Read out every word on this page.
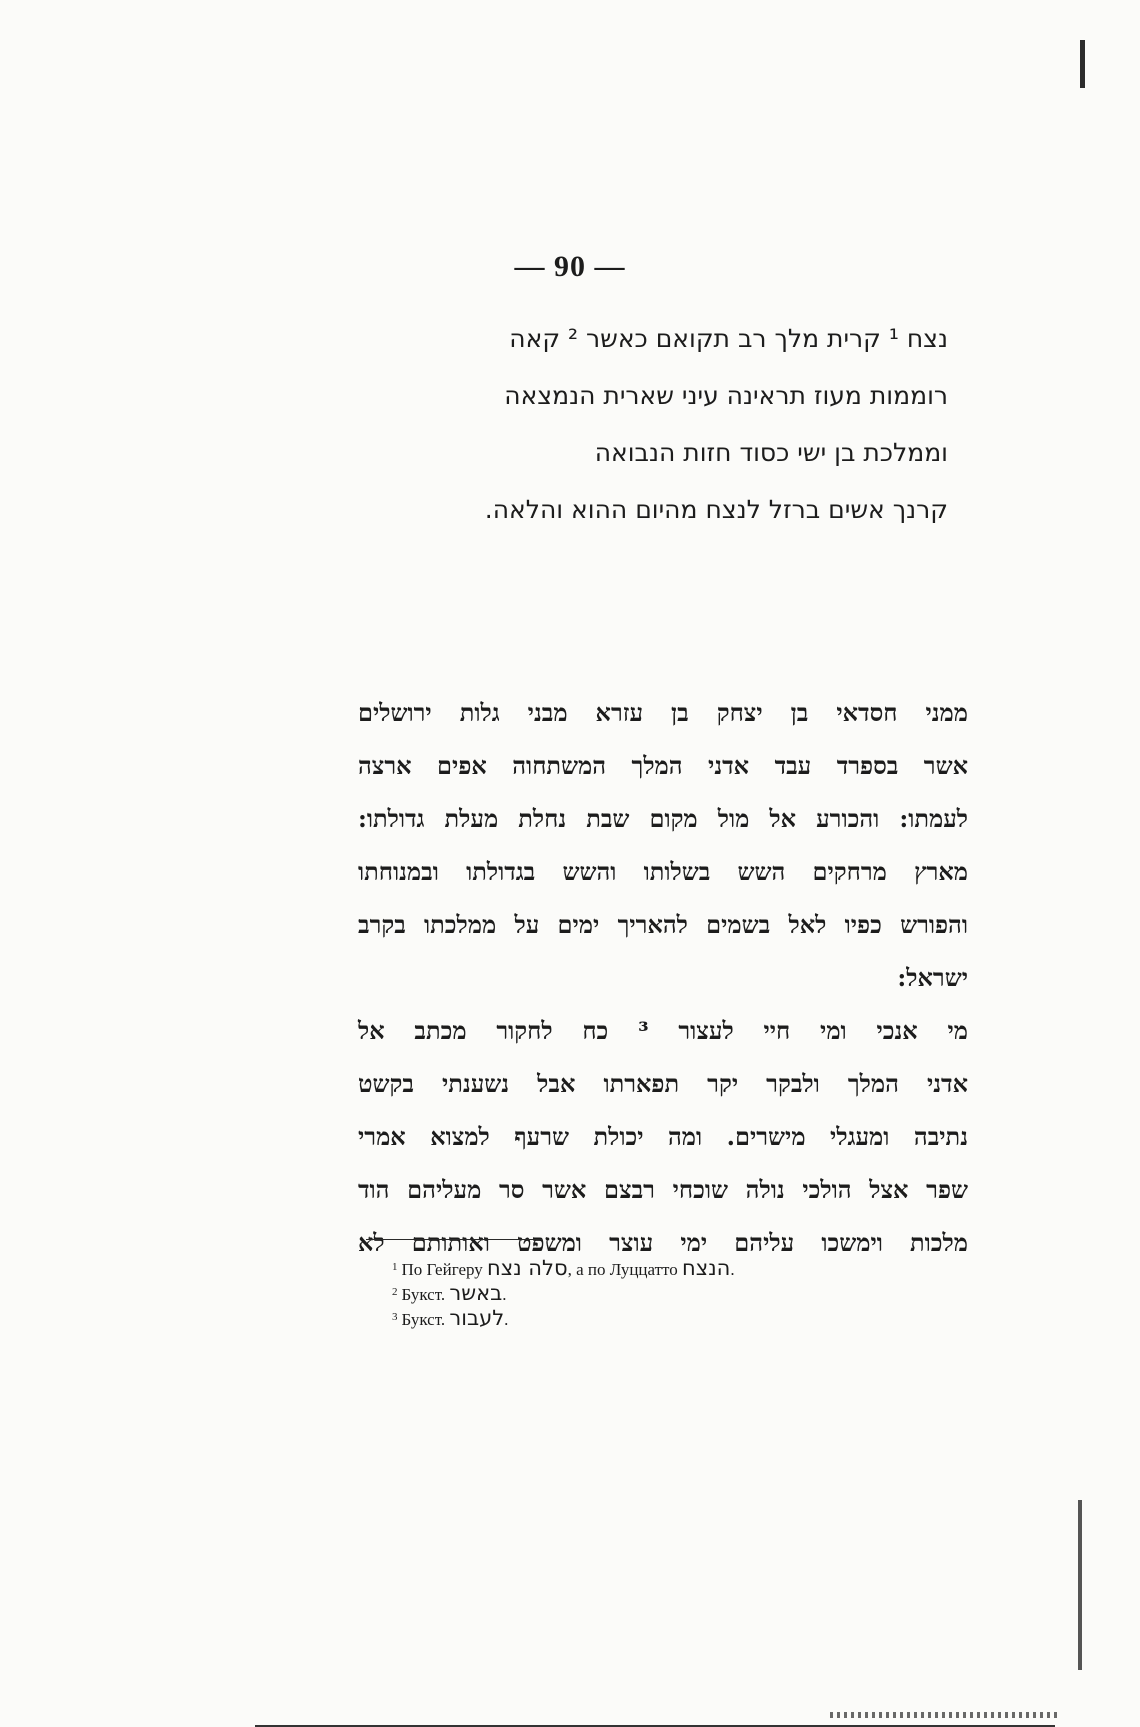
— 90 —
נצח ¹ קרית מלך רב תקואם כאשר ² קאה
רוממות מעוז תראינה עיני שארית הנמצאה
וממלכת בן ישי כסוד חזות הנבואה
קרנך אשים ברזל לנצח מהיום ההוא והלאה.
ממני חסדאי בן יצחק בן עזרא מבני גלות ירושלים
אשר בספרד עבד אדני המלך המשתחוה אפים ארצה
לעמתו: והכורע אל מול מקום שבת נחלת מעלת גדולתו:
מארץ מרחקים השש בשלותו והשש בגדולתו ובמנוחתו
והפורש כפיו לאל בשמים להאריך ימים על ממלכתו בקרב
ישראל:
מי אנכי ומי חיי לעצור ³ כח לחקור מכתב אל
אדני המלך ולבקר יקר תפארתו אבל נשענתי בקשט
נתיבה ומעגלי מישרים. ומה יכולת שרעף למצוא אמרי
שפר אצל הולכי נולה שוכחי רבצם אשר סר מעליהם הוד
מלכות וימשכו עליהם ימי עוצר ומשפט ואותותם לא
$^1$ По Гейгеру סלה נצח, а по Луццатто הנצח.
$^2$ Букст. באשר.
$^3$ Букст. לעבור.
